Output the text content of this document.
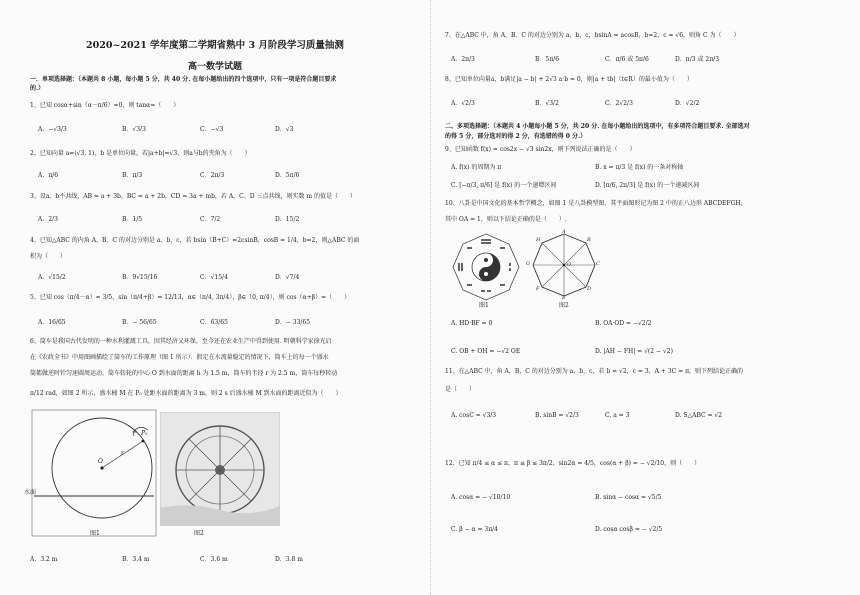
2020~2021 学年度第二学期省熟中 3 月阶段学习质量抽测
高一数学试题
一．单项选择题：（本题共 8 小题，每小题 5 分，共 40 分. 在每小题给出的四个选项中，只有一项是符合题目要求
的.）
1、已知 cosα+sin（α－π/6）=0，则 tanα=（　　）
A．−√3/3	B．√3/3	C．−√3	D．√3
2、已知向量 a=(√3, 1)，b 是单位向量，若|a+b|=√3，则a与b的夹角为（　　）
A．π/6	B．π/3	C．2π/3	D．5π/6
3、设a、b不共线，AB = a + 3b，BC = a + 2b，CD = 3a + mb，若 A、C、D 三点共线，则实数 m 的值是（　　）
A．2/3	B．1/5	C．7/2	D．15/2
4、已知△ABC 的内角 A、B、C 的对边分别是 a、b、c，若 bsin（B+C）=2csinB，cosB = 1/4，b=2，则△ABC 的面
积为（　　）
A．√15/2	B．9√15/16	C．√15/4	D．√7/4
5、已知 cos（π/4－α）= 3/5，sin（π/4+β）= 12/13，α∈（π/4, 3π/4），β∈（0, π/4），则 cos（α+β）=（　　）
A．16/65	B．− 56/65	C．63/65	D．− 33/65
6、筒车是我国古代发明的一种水利灌溉工具，因其经济又环保，至今还在农业生产中得到使用. 明朝科学家徐光启
在《农政全书》中用图画描绘了筒车的工作原理（图 1 所示）．假定在水流量稳定的情况下，筒车上的每一个盛水
筒都做逆时针匀速圆周运动，筒车转轮的中心 O 到水面的距离 h 为 1.5 m，筒车的半径 r 为 2.5 m，筒车每秒转动
π/12 rad，如图 2 所示，盛水桶 M 在 P₀ 处距水面的距离为 3 m，则 2 s 后盛水桶 M 到水面的距离近似为（　　）
O
r
P₀
水面
图1	图2
A．3.2 m	B．3.4 m	C．3.6 m	D．3.8 m
7、在△ABC 中，角 A、B、C 的对边分别为 a、b、c，bsinA = acosB，b=2，c = √6，则角 C 为（　　）
A．2π/3	B．5π/6	C．π/6 或 5π/6	D．π/3 或 2π/3
8、已知单位向量a，b满足|a − b| + 2√3 a·b = 0，则|a + tb|（t∈R）的最小值为（　　）
A．√2/3	B．√3/2	C．2√2/3	D．√2/2
二、多项选择题：（本题共 4 小题每小题 5 分，共 20 分. 在每小题给出的选项中，有多项符合题目要求. 全部选对
的得 5 分，部分选对的得 2 分，有选错的得 0 分.）
9、已知函数 f(x) = cos2x − √3 sin2x，则下列说法正确的是（　　）
A. f(x) 的周期为 π	B. x = π/3 是 f(x) 的一条对称轴
C. [−π/3, π/6] 是 f(x) 的一个递增区间	D. [π/6, 2π/3] 是 f(x) 的一个递减区间
10、八卦是中国文化的基本哲学概念，如图 1 是八卦模型图，其平面图形记为图 2 中的正八边形 ABCDEFGH，
其中 OA = 1，则以下结论正确的是（　　）.
A
B
C
D
E
F
G
H
O
图1	图2
A. HD·BF = 0	B. OA·OD = −√2/2
C. OB + OH = −√2 OE	D. |AH − FH| = √(2 − √2)
11、在△ABC 中，角 A，B，C 的对边分别为 a，b，c，若 b = √2，c = 3，A + 3C = π，则下列结论正确的
是（　　）
A. cosC = √3/3	B. sinB = √2/3	C. a = 3	D. S△ABC = √2
12、已知 π/4 ≤ α ≤ π，π ≤ β ≤ 3π/2，sin2α = 4/5，cos(α + β) = − √2/10，则（　　）
A. cosα = − √10/10	B. sinα − cosα = √5/5
C. β − α = 3π/4	D. cosα cosβ = − √2/5
